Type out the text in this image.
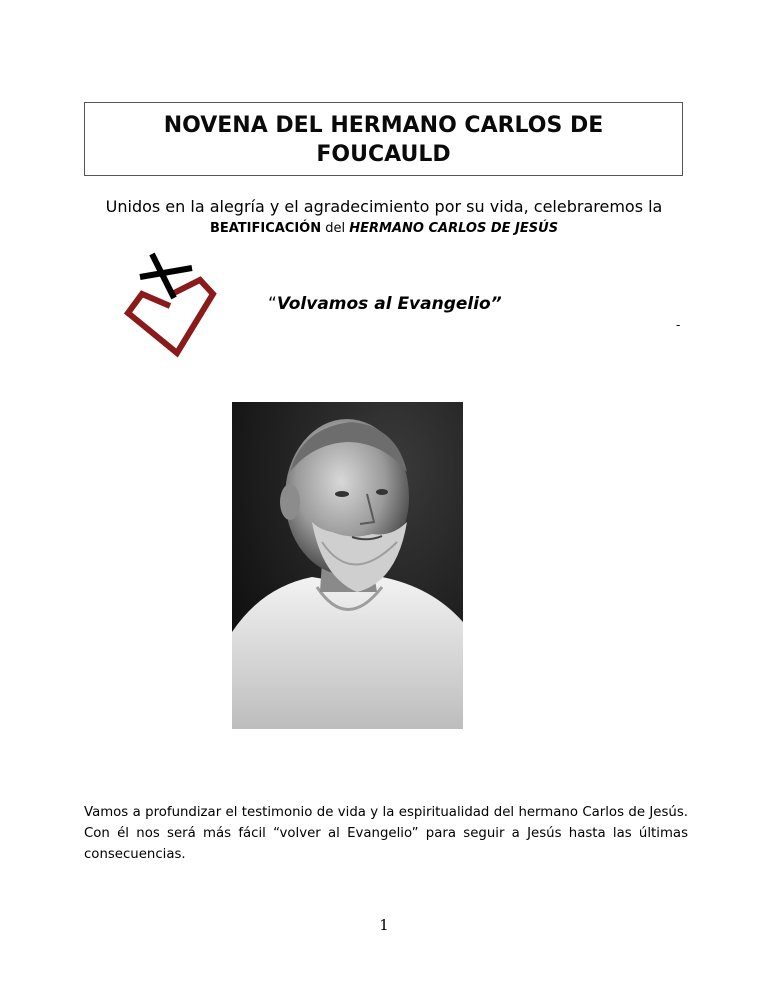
NOVENA DEL HERMANO CARLOS DE
FOUCAULD
Unidos en la alegría y el agradecimiento por su vida, celebraremos la
BEATIFICACIÓN del HERMANO CARLOS DE JESÚS
“Volvamos al Evangelio”
-
Vamos a profundizar el testimonio de vida y la espiritualidad del hermano Carlos de Jesús. Con él nos será más fácil “volver al Evangelio” para seguir a Jesús hasta las últimas consecuencias.
1
